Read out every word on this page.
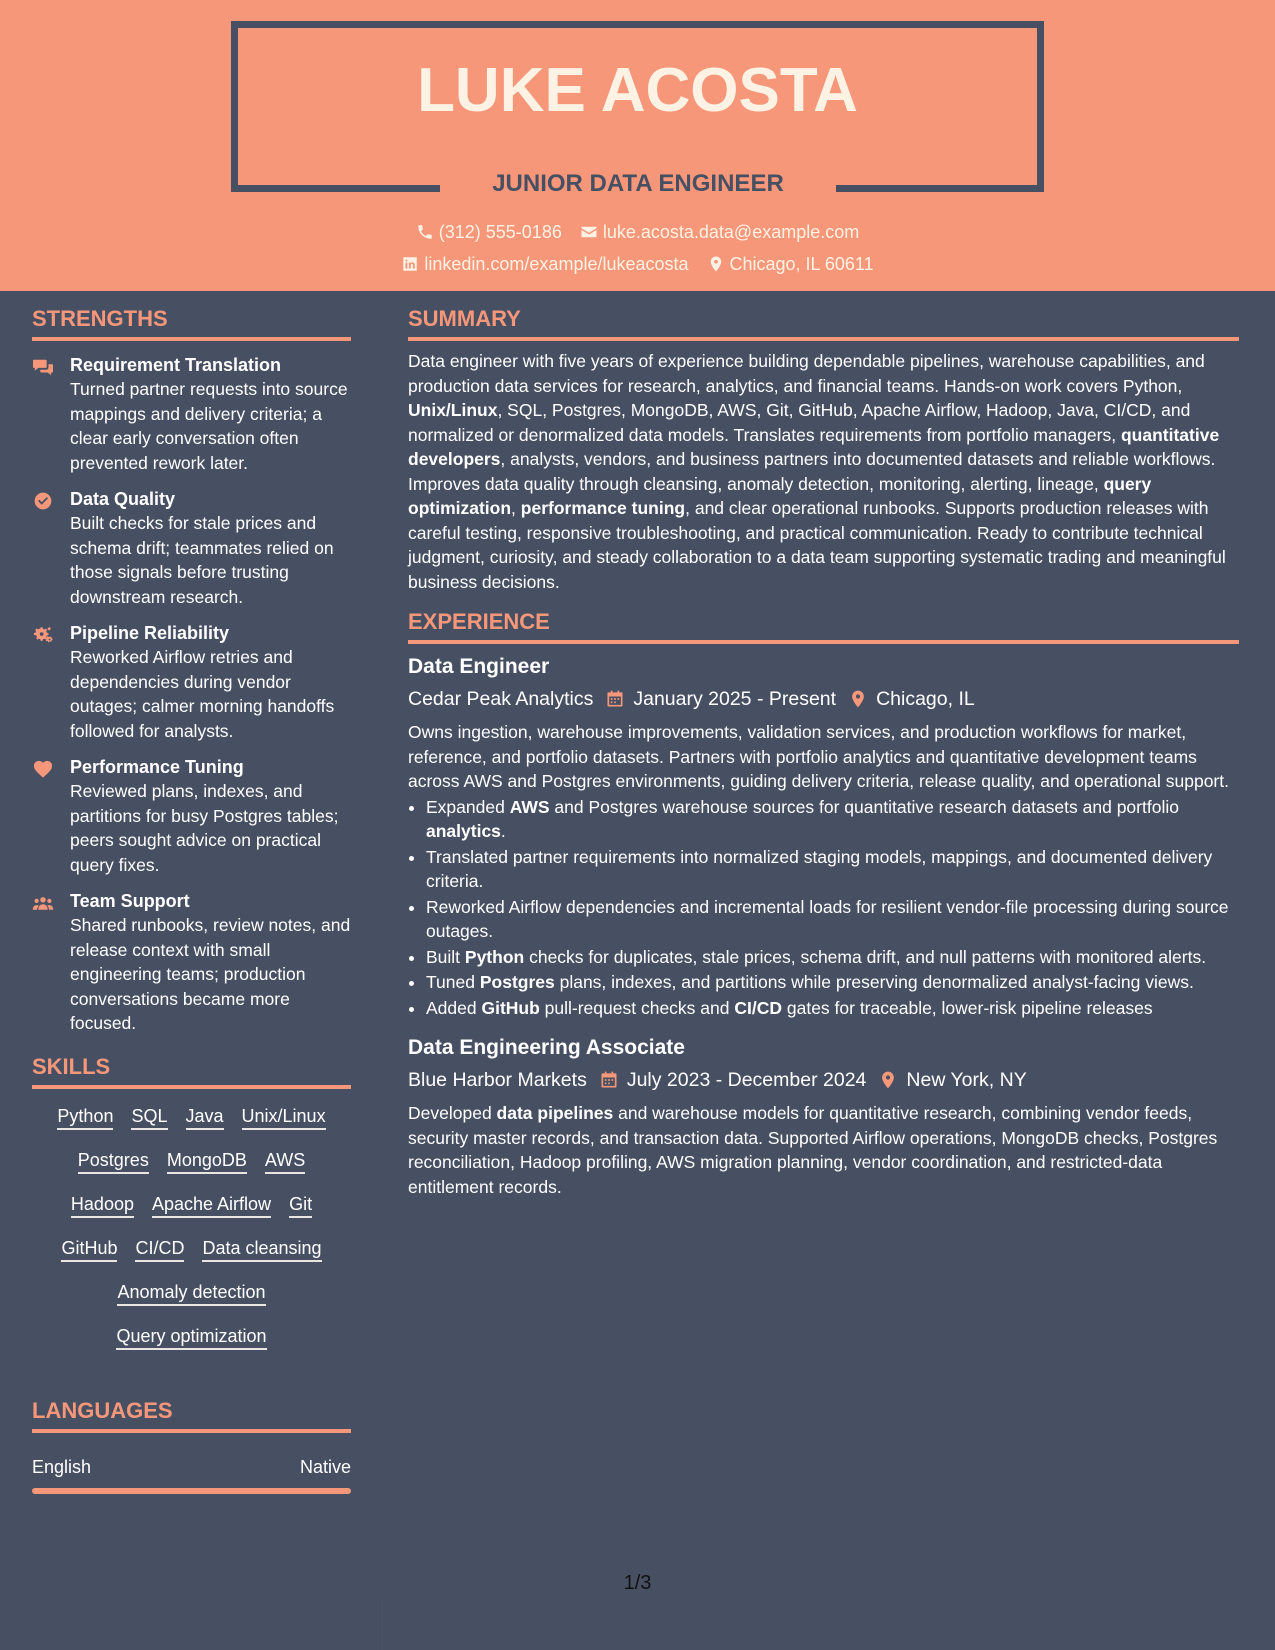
LUKE ACOSTA
JUNIOR DATA ENGINEER
(312) 555-0186 luke.acosta.data@example.com
linkedin.com/example/lukeacosta Chicago, IL 60611
STRENGTHS
Requirement Translation
Turned partner requests into source mappings and delivery criteria; a clear early conversation often prevented rework later.
Data Quality
Built checks for stale prices and schema drift; teammates relied on those signals before trusting downstream research.
Pipeline Reliability
Reworked Airflow retries and dependencies during vendor outages; calmer morning handoffs followed for analysts.
Performance Tuning
Reviewed plans, indexes, and partitions for busy Postgres tables; peers sought advice on practical query fixes.
Team Support
Shared runbooks, review notes, and release context with small engineering teams; production conversations became more focused.
SKILLS
Python SQL Java Unix/Linux
Postgres MongoDB AWS
Hadoop Apache Airflow Git
GitHub CI/CD Data cleansing
Anomaly detection
Query optimization
LANGUAGES
English	Native
SUMMARY
Data engineer with five years of experience building dependable pipelines, warehouse capabilities, and production data services for research, analytics, and financial teams. Hands-on work covers Python, Unix/Linux, SQL, Postgres, MongoDB, AWS, Git, GitHub, Apache Airflow, Hadoop, Java, CI/CD, and normalized or denormalized data models. Translates requirements from portfolio managers, quantitative developers, analysts, vendors, and business partners into documented datasets and reliable workflows. Improves data quality through cleansing, anomaly detection, monitoring, alerting, lineage, query optimization, performance tuning, and clear operational runbooks. Supports production releases with careful testing, responsive troubleshooting, and practical communication. Ready to contribute technical judgment, curiosity, and steady collaboration to a data team supporting systematic trading and meaningful business decisions.
EXPERIENCE
Data Engineer
Cedar Peak Analytics January 2025 - Present Chicago, IL
Owns ingestion, warehouse improvements, validation services, and production workflows for market, reference, and portfolio datasets. Partners with portfolio analytics and quantitative development teams across AWS and Postgres environments, guiding delivery criteria, release quality, and operational support.
• Expanded AWS and Postgres warehouse sources for quantitative research datasets and portfolio analytics.
• Translated partner requirements into normalized staging models, mappings, and documented delivery criteria.
• Reworked Airflow dependencies and incremental loads for resilient vendor-file processing during source outages.
• Built Python checks for duplicates, stale prices, schema drift, and null patterns with monitored alerts.
• Tuned Postgres plans, indexes, and partitions while preserving denormalized analyst-facing views.
• Added GitHub pull-request checks and CI/CD gates for traceable, lower-risk pipeline releases
Data Engineering Associate
Blue Harbor Markets July 2023 - December 2024 New York, NY
Developed data pipelines and warehouse models for quantitative research, combining vendor feeds, security master records, and transaction data. Supported Airflow operations, MongoDB checks, Postgres reconciliation, Hadoop profiling, AWS migration planning, vendor coordination, and restricted-data entitlement records.
1/3
